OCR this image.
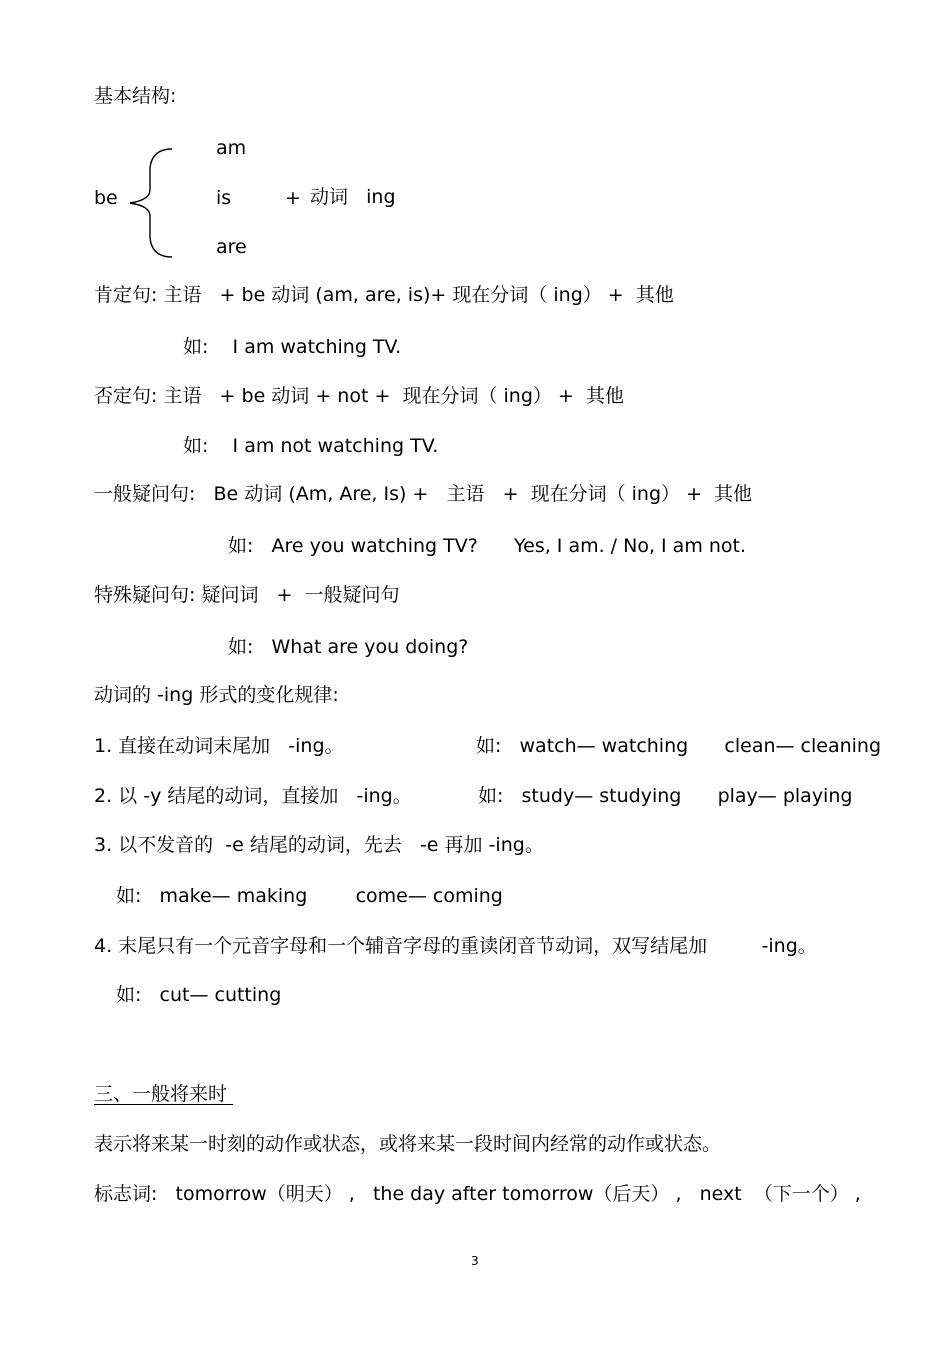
基本结构:
be
am
is
are
+ 动词   ing
肯定句: 主语   + be 动词 (am, are, is)+ 现在分词（ ing） +  其他
如:    I am watching TV.
否定句: 主语   + be 动词 + not +  现在分词（ ing） +  其他
如:    I am not watching TV.
一般疑问句:   Be 动词 (Am, Are, Is) +   主语   +  现在分词（ ing） +  其他
如:   Are you watching TV?      Yes, I am. / No, I am not.
特殊疑问句: 疑问词   +  一般疑问句
如:   What are you doing?
动词的 -ing 形式的变化规律:
1. 直接在动词末尾加   -ing。	如:   watch— watching      clean— cleaning
2. 以 -y 结尾的动词，直接加   -ing。	如:   study— studying      play— playing
3. 以不发音的  -e 结尾的动词，先去   -e 再加 -ing。
如:   make— making        come— coming
4. 末尾只有一个元音字母和一个辅音字母的重读闭音节动词，双写结尾加         -ing。
如:   cut— cutting
三、一般将来时
表示将来某一时刻的动作或状态，或将来某一段时间内经常的动作或状态。
标志词:   tomorrow（明天） ,   the day after tomorrow（后天） ,   next  （下一个） ,
3
